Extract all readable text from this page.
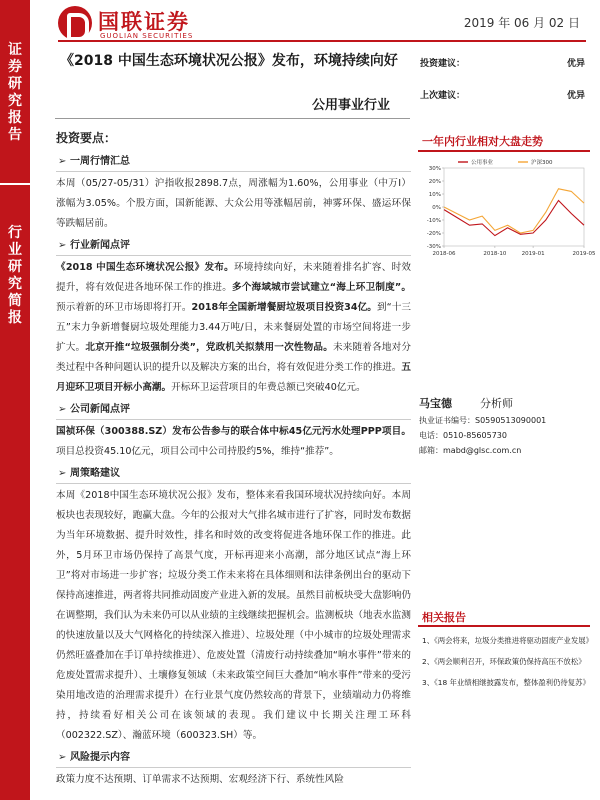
证券研究报告
行业研究简报
国联证券
GUOLIAN SECURITIES
2019 年 06 月 02 日
《2018 中国生态环境状况公报》发布，环境持续向好
公用事业行业
投资建议：	优异
上次建议：	优异
投资要点：
➢ 一周行情汇总
本周（05/27-05/31）沪指收报2898.7点，周涨幅为1.60%，公用事业（中万Ⅰ）涨幅为3.05%。个股方面，国新能源、大众公用等涨幅居前，神雾环保、盛运环保等跌幅居前。
➢ 行业新闻点评
《2018 中国生态环境状况公报》发布。环境持续向好，未来随着排名扩容、时效提升，将有效促进各地环保工作的推进。多个海域城市尝试建立“海上环卫制度”。预示着新的环卫市场即将打开。2018年全国新增餐厨垃圾项目投资34亿。到“十三五”末力争新增餐厨垃圾处理能力3.44万吨/日，未来餐厨处置的市场空间将进一步扩大。北京开推“垃圾强制分类”，党政机关拟禁用一次性物品。未来随着各地对分类过程中各种问题认识的提升以及解决方案的出台，将有效促进分类工作的推进。五月迎环卫项目开标小高潮。开标环卫运营项目的年费总额已突破40亿元。
➢ 公司新闻点评
国祯环保（300388.SZ）发布公告参与的联合体中标45亿元污水处理PPP项目。项目总投资45.10亿元，项目公司中公司持股约5%，维持“推荐”。
➢ 周策略建议
本周《2018中国生态环境状况公报》发布，整体来看我国环境状况持续向好。本周板块也表现较好，跑赢大盘。今年的公报对大气排名城市进行了扩容，同时发布数据为当年环境数据、提升时效性，排名和时效的改变将促进各地环保工作的推进。此外，5月环卫市场仍保持了高景气度，开标再迎来小高潮，部分地区试点“海上环卫”将对市场进一步扩容；垃圾分类工作未来将在具体细则和法律条例出台的驱动下保持高速推进，两者将共同推动固废产业进入新的发展。虽然目前板块受大盘影响仍在调整期，我们认为未来仍可以从业绩的主线继续把握机会。监测板块（地表水监测的快速放量以及大气网格化的持续深入推进）、垃圾处理（中小城市的垃圾处理需求仍然旺盛叠加在手订单持续推进）、危废处置（清废行动持续叠加“响水事件”带来的危废处置需求提升）、土壤修复领域（未来政策空间巨大叠加“响水事件”带来的受污染用地改造的治理需求提升）在行业景气度仍然较高的背景下，业绩端动力仍将维持，持续看好相关公司在该领域的表现。我们建议中长期关注理工环科（002322.SZ）、瀚蓝环境（600323.SH）等。
➢ 风险提示内容
政策力度不达预期、订单需求不达预期、宏观经济下行、系统性风险
一年内行业相对大盘走势
30%
20%
10%
0%
-10%
-20%
-30%
2018-06	2018-10	2019-01	2019-05
公用事业	沪深300
马宝德	分析师
执业证书编号：S0590513090001
电话：0510-85605730
邮箱：mabd@glsc.com.cn
相关报告
1、《两会将来，垃圾分类推进将驱动固废产业发展》
2、《两会顺利召开，环保政策仍保持高压不放松》
3、《18 年业绩相继披露发布，整体盈利仍待复苏》
